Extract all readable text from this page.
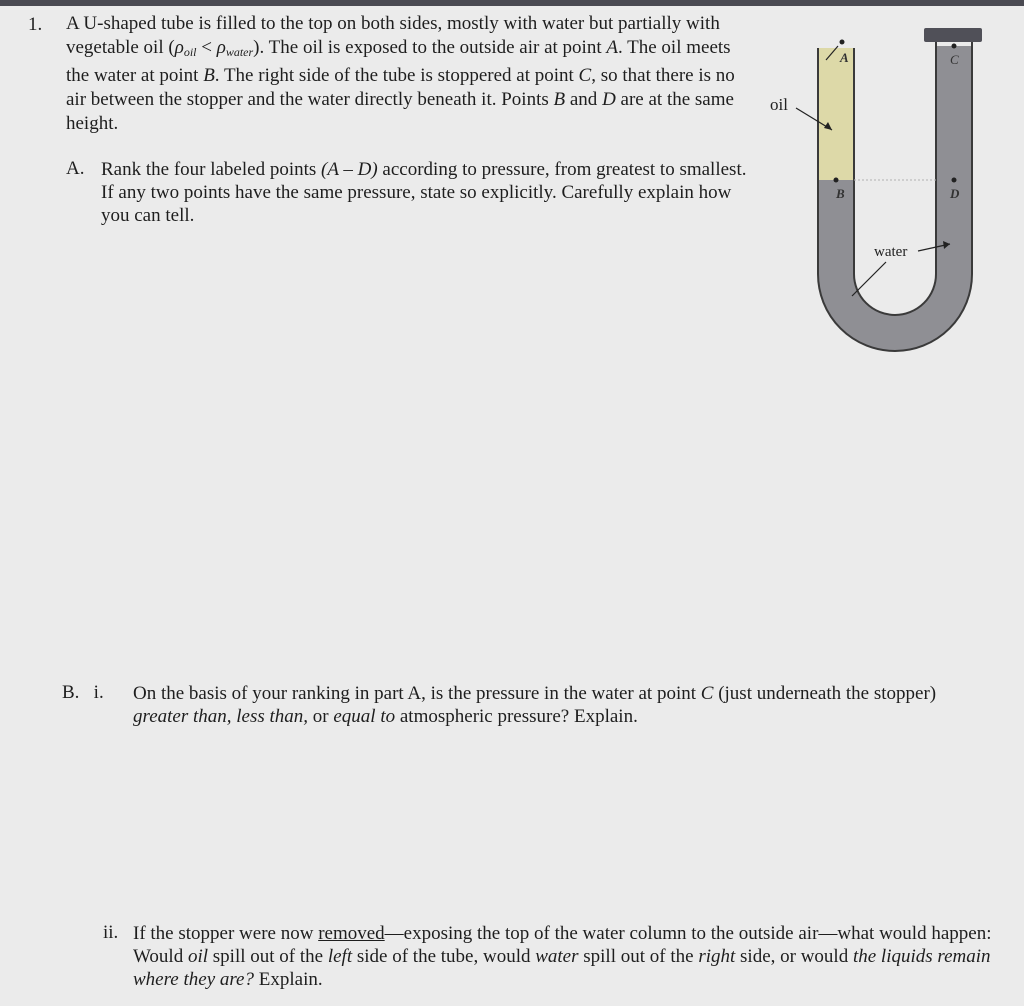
1. A U-shaped tube is filled to the top on both sides, mostly with water but partially with vegetable oil $(\rho_{oil} < \rho_{water})$. The oil is exposed to the outside air at point A. The oil meets the water at point B. The right side of the tube is stoppered at point C, so that there is no air between the stopper and the water directly beneath it. Points B and D are at the same height.

A
B
C
D
oil
water
A. Rank the four labeled points (A – D) according to pressure, from greatest to smallest. If any two points have the same pressure, state so explicitly. Carefully explain how you can tell.

B.   i. On the basis of your ranking in part A, is the pressure in the water at point C (just underneath the stopper) greater than, less than, or equal to atmospheric pressure? Explain.

ii. If the stopper were now removed—exposing the top of the water column to the outside air—what would happen: Would oil spill out of the left side of the tube, would water spill out of the right side, or would the liquids remain where they are? Explain.
